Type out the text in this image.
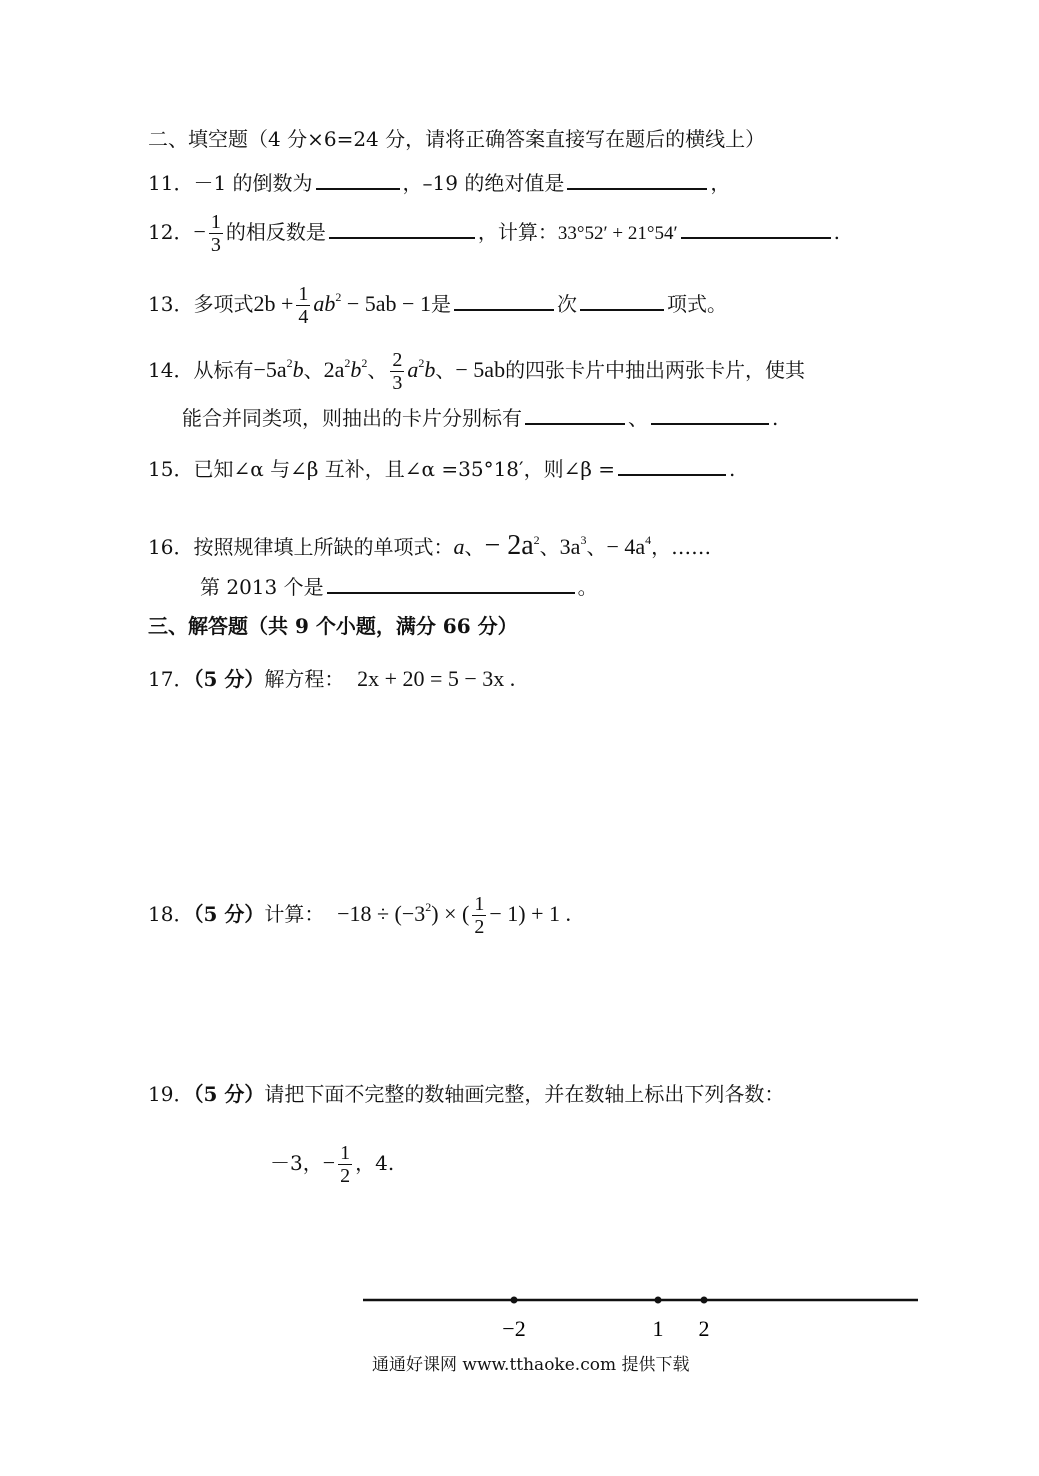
二、填空题（4 分×6=24 分，请将正确答案直接写在题后的横线上）
11．－1 的倒数为	，–19 的绝对值是	，
12．− $\frac{1}{3}$ 的相反数是	，计算：33°52′ + 21°54′	.
13．多项式$2b + \frac{1}{4} ab^2 - 5ab - 1$是	次	项式。
14．从标有$-5a^2b$、$2a^2b^2$、 $\frac{2}{3} a^2b$、− 5ab的四张卡片中抽出两张卡片，使其
能合并同类项，则抽出的卡片分别标有	、	.
15．已知∠α 与∠β 互补，且∠α =35°18′，则∠β =	.
16．按照规律填上所缺的单项式：a、− $2a^2$、$3a^3$、− $4a^4$，……
第 2013 个是	。
三、解答题（共 9 个小题，满分 66 分）
17．（5 分）解方程： 2x + 20 = 5 − 3x .
18．（5 分）计算： $-18 \div (-3^2)$ × ( $\frac{1}{2} - 1) + 1$ .
19．（5 分）请把下面不完整的数轴画完整，并在数轴上标出下列各数：
－3，− $\frac{1}{2}$ ，4.
−2	1 2
通通好课网 www.tthaoke.com 提供下载
